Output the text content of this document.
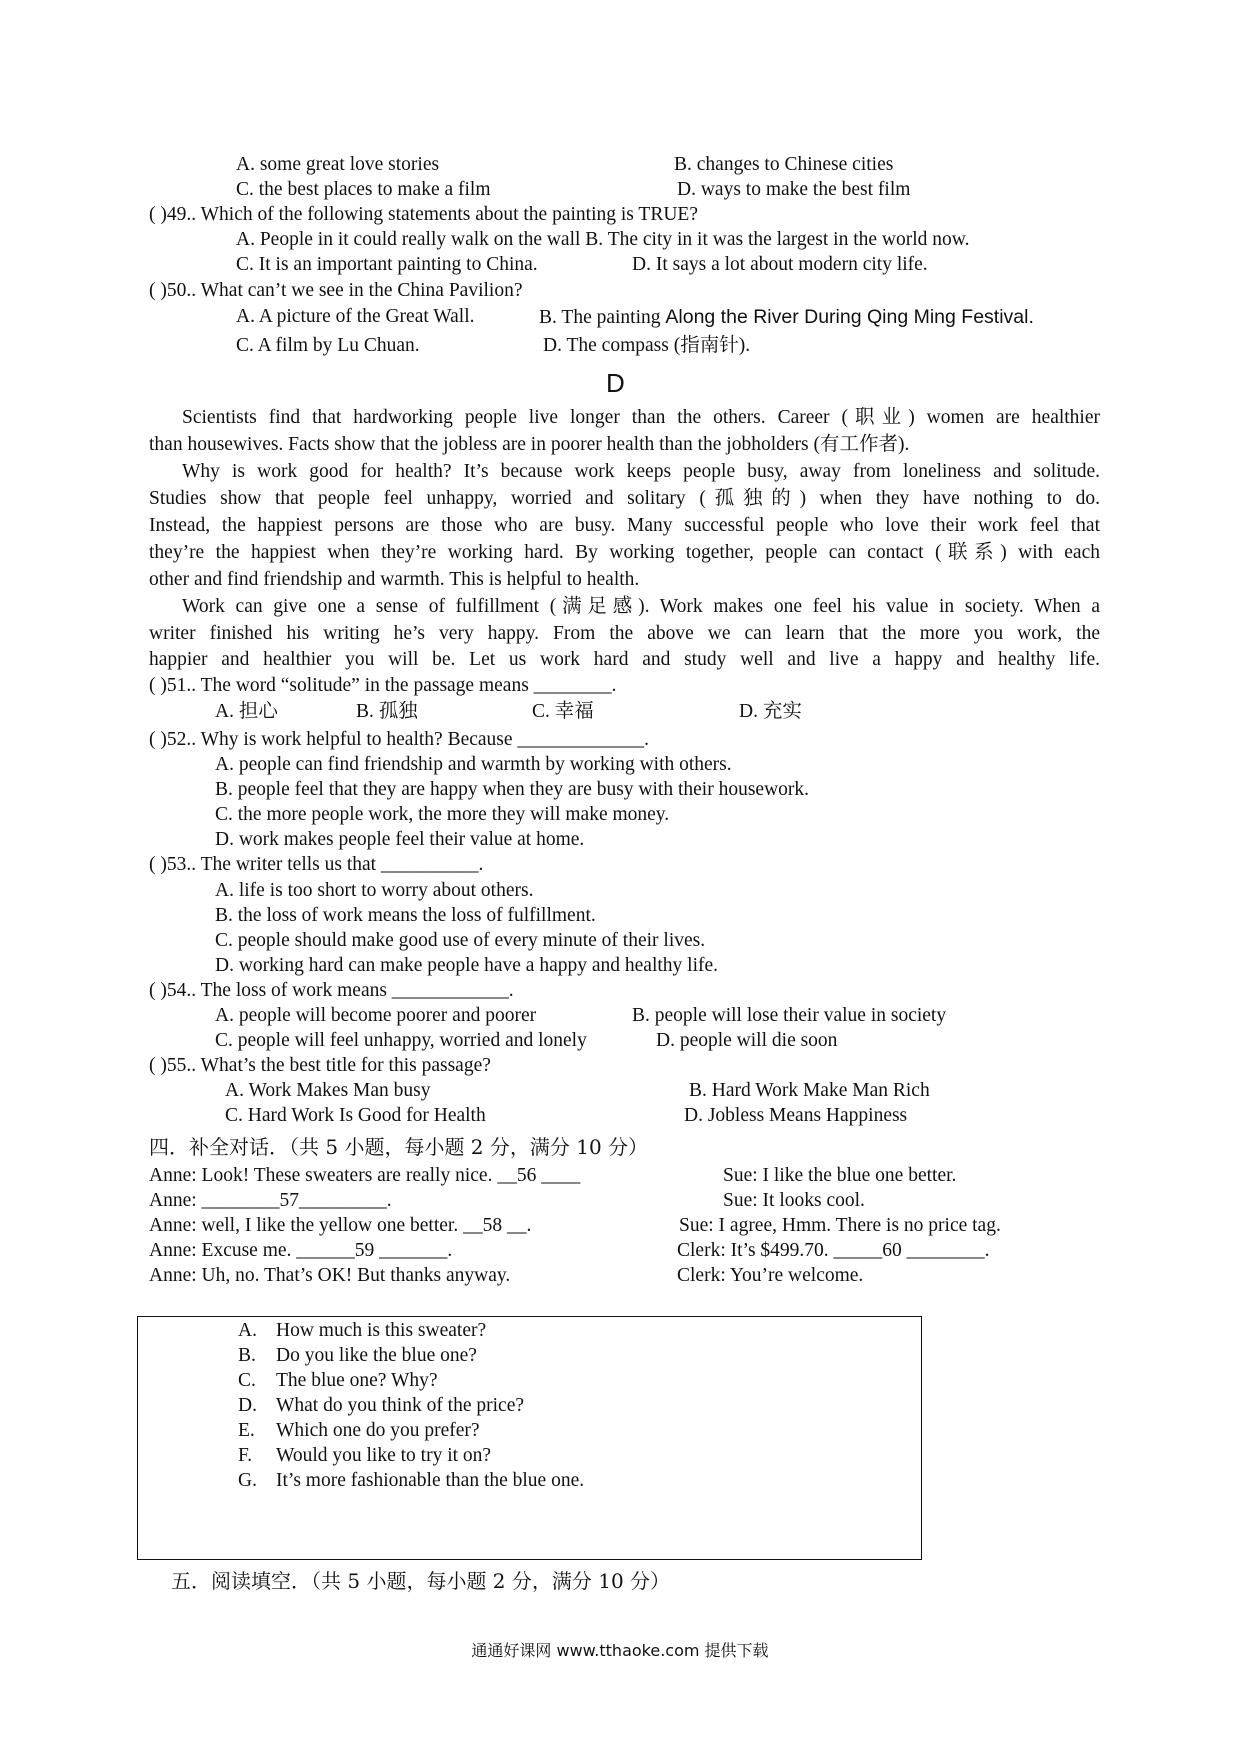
A. some great love stories	B. changes to Chinese cities
C. the best places to make a film	D. ways to make the best film
( )49.. Which of the following statements about the painting is TRUE?
A. People in it could really walk on the wall B. The city in it was the largest in the world now.
C. It is an important painting to China.	D. It says a lot about modern city life.
( )50.. What can’t we see in the China Pavilion?
A. A picture of the Great Wall.	B. The painting Along the River During Qing Ming Festival.
C. A film by Lu Chuan.	D. The compass (指南针).
D
Scientists find that hardworking people live longer than the others. Career (职业) women are healthier
than housewives. Facts show that the jobless are in poorer health than the jobholders (有工作者).
Why is work good for health? It’s because work keeps people busy, away from loneliness and solitude.
Studies show that people feel unhappy, worried and solitary (孤独的) when they have nothing to do.
Instead, the happiest persons are those who are busy. Many successful people who love their work feel that
they’re the happiest when they’re working hard. By working together, people can contact (联系) with each
other and find friendship and warmth. This is helpful to health.
Work can give one a sense of fulfillment (满足感). Work makes one feel his value in society. When a
writer finished his writing he’s very happy. From the above we can learn that the more you work, the
happier and healthier you will be. Let us work hard and study well and live a happy and healthy life.
( )51.. The word “solitude” in the passage means ________.
A. 担心	B. 孤独	C. 幸福	D. 充实
( )52.. Why is work helpful to health? Because _____________.
A. people can find friendship and warmth by working with others.
B. people feel that they are happy when they are busy with their housework.
C. the more people work, the more they will make money.
D. work makes people feel their value at home.
( )53.. The writer tells us that __________.
A. life is too short to worry about others.
B. the loss of work means the loss of fulfillment.
C. people should make good use of every minute of their lives.
D. working hard can make people have a happy and healthy life.
( )54.. The loss of work means ____________.
A. people will become poorer and poorer	B. people will lose their value in society
C. people will feel unhappy, worried and lonely	D. people will die soon
( )55.. What’s the best title for this passage?
A. Work Makes Man busy	B. Hard Work Make Man Rich
C. Hard Work Is Good for Health	D. Jobless Means Happiness
四．补全对话．（共 5 小题，每小题 2 分，满分 10 分）
Anne: Look! These sweaters are really nice. __56 ____	Sue: I like the blue one better.
Anne: ________57_________.	Sue: It looks cool.
Anne: well, I like the yellow one better. __58 __.	Sue: I agree, Hmm. There is no price tag.
Anne: Excuse me. ______59 _______.	Clerk: It’s $499.70. _____60 ________.
Anne: Uh, no. That’s OK! But thanks anyway.	Clerk: You’re welcome.
A. How much is this sweater?
B. Do you like the blue one?
C. The blue one? Why?
D. What do you think of the price?
E. Which one do you prefer?
F. Would you like to try it on?
G. It’s more fashionable than the blue one.
五．阅读填空．（共 5 小题，每小题 2 分，满分 10 分）
通通好课网 www.tthaoke.com 提供下载
